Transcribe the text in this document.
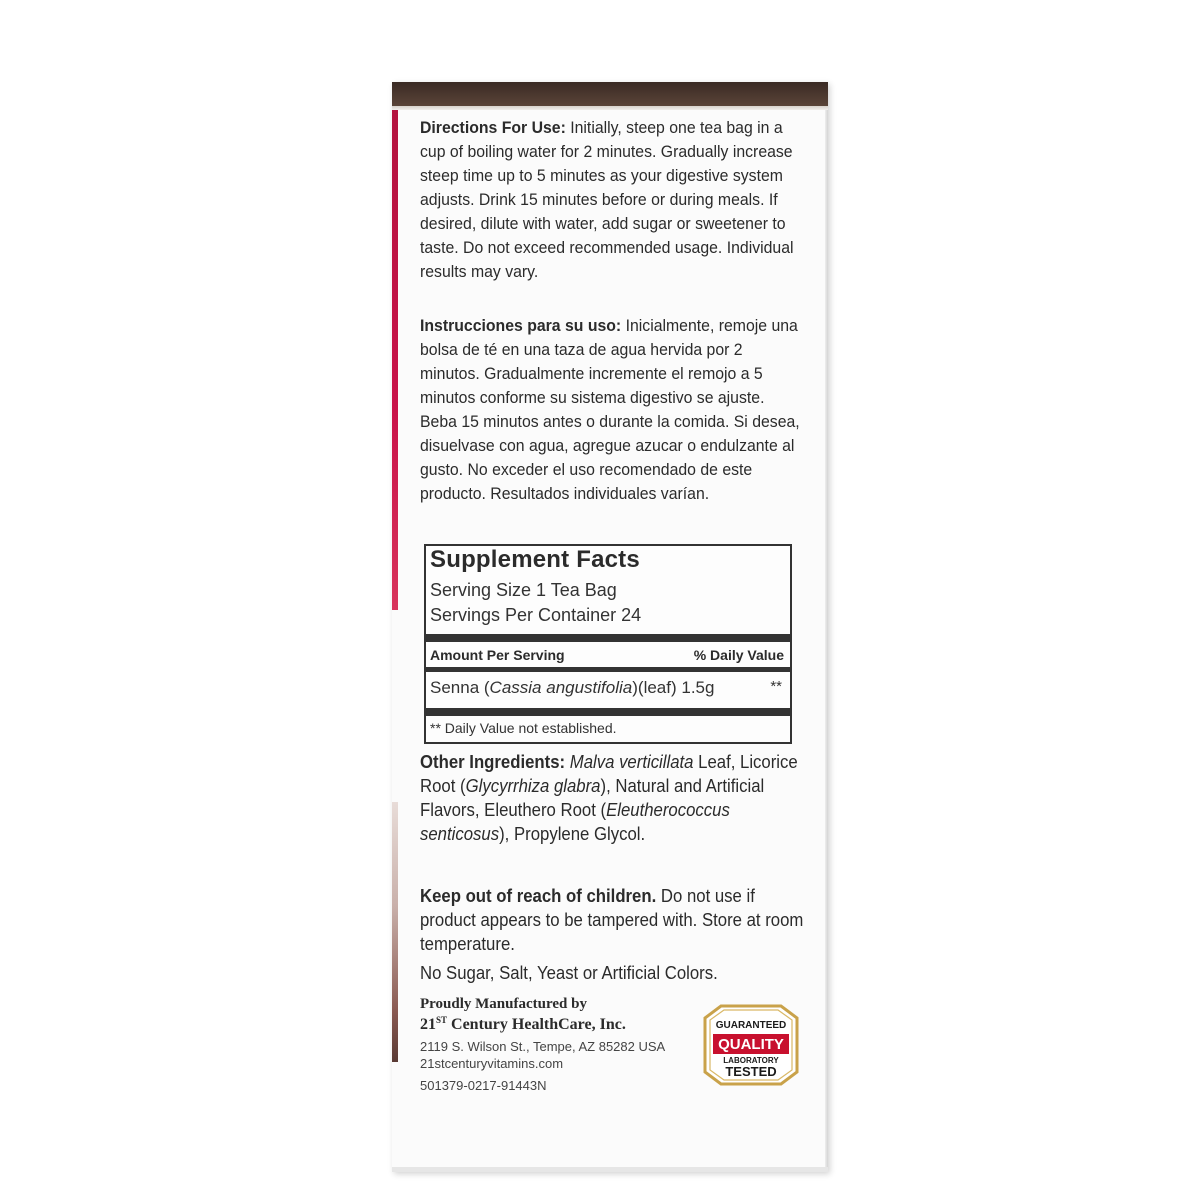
Directions For Use: Initially, steep one tea bag in a cup of boiling water for 2 minutes. Gradually increase steep time up to 5 minutes as your digestive system adjusts. Drink 15 minutes before or during meals. If desired, dilute with water, add sugar or sweetener to taste. Do not exceed recommended usage. Individual results may vary.

Instrucciones para su uso: Inicialmente, remoje una bolsa de té en una taza de agua hervida por 2 minutos. Gradualmente incremente el remojo a 5 minutos conforme su sistema digestivo se ajuste. Beba 15 minutos antes o durante la comida. Si desea, disuelvase con agua, agregue azucar o endulzante al gusto. No exceder el uso recomendado de este producto. Resultados individuales varían.

Supplement Facts
Serving Size 1 Tea Bag
Servings Per Container 24
Amount Per Serving	% Daily Value
Senna (Cassia angustifolia)(leaf) 1.5g	**
** Daily Value not established.
Other Ingredients: Malva verticillata Leaf, Licorice Root (Glycyrrhiza glabra), Natural and Artificial Flavors, Eleuthero Root (Eleutherococcus senticosus), Propylene Glycol.
Keep out of reach of children. Do not use if product appears to be tampered with. Store at room temperature.
No Sugar, Salt, Yeast or Artificial Colors.
Proudly Manufactured by
21ST Century HealthCare, Inc.
2119 S. Wilson St., Tempe, AZ 85282 USA
21stcenturyvitamins.com
501379-0217-91443N
GUARANTEED
QUALITY
LABORATORY
TESTED
